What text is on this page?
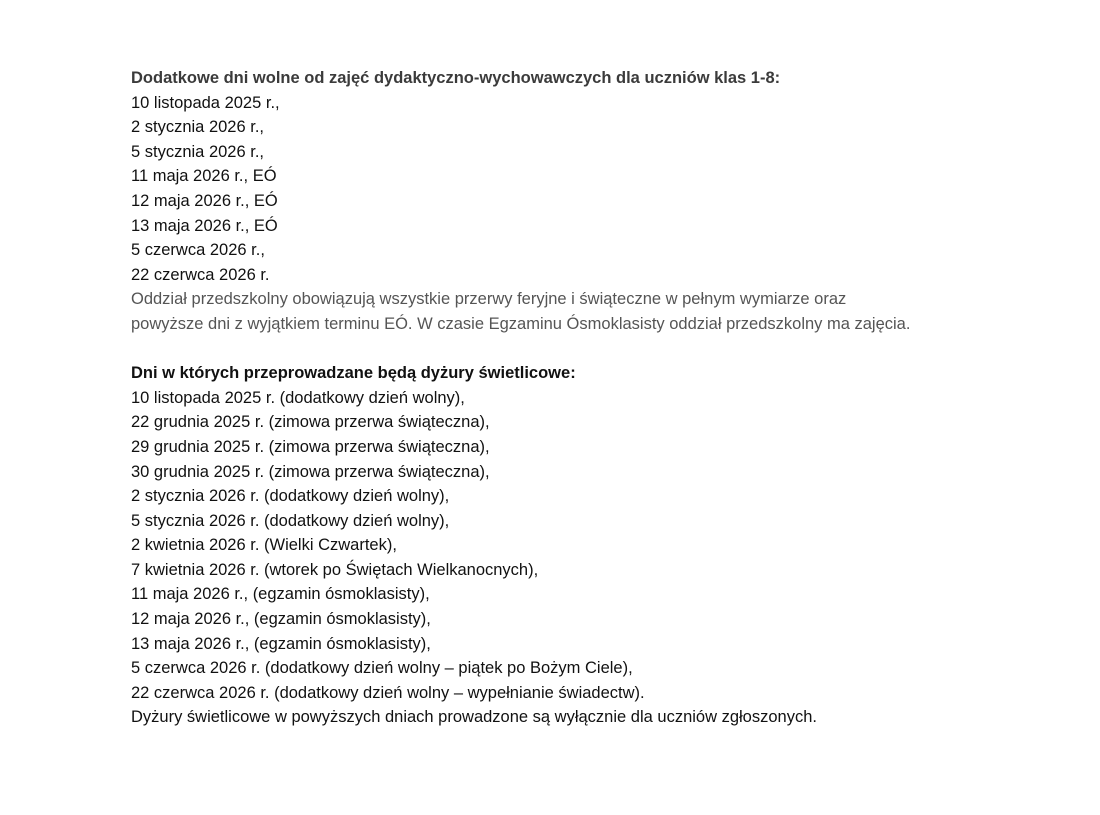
Dodatkowe dni wolne od zajęć dydaktyczno-wychowawczych dla uczniów klas 1-8:
10 listopada 2025 r.,
2 stycznia 2026 r.,
5 stycznia 2026 r.,
11 maja 2026 r., EÓ
12 maja 2026 r., EÓ
13 maja 2026 r., EÓ
5 czerwca 2026 r.,
22 czerwca 2026 r.
Oddział przedszkolny obowiązują wszystkie przerwy feryjne i świąteczne w pełnym wymiarze oraz
powyższe dni z wyjątkiem terminu EÓ. W czasie Egzaminu Ósmoklasisty oddział przedszkolny ma zajęcia.
Dni w których przeprowadzane będą dyżury świetlicowe:
10 listopada 2025 r. (dodatkowy dzień wolny),
22 grudnia 2025 r. (zimowa przerwa świąteczna),
29 grudnia 2025 r. (zimowa przerwa świąteczna),
30 grudnia 2025 r. (zimowa przerwa świąteczna),
2 stycznia 2026 r. (dodatkowy dzień wolny),
5 stycznia 2026 r. (dodatkowy dzień wolny),
2 kwietnia 2026 r. (Wielki Czwartek),
7 kwietnia 2026 r. (wtorek po Świętach Wielkanocnych),
11 maja 2026 r., (egzamin ósmoklasisty),
12 maja 2026 r., (egzamin ósmoklasisty),
13 maja 2026 r., (egzamin ósmoklasisty),
5 czerwca 2026 r. (dodatkowy dzień wolny – piątek po Bożym Ciele),
22 czerwca 2026 r. (dodatkowy dzień wolny – wypełnianie świadectw).
Dyżury świetlicowe w powyższych dniach prowadzone są wyłącznie dla uczniów zgłoszonych.
